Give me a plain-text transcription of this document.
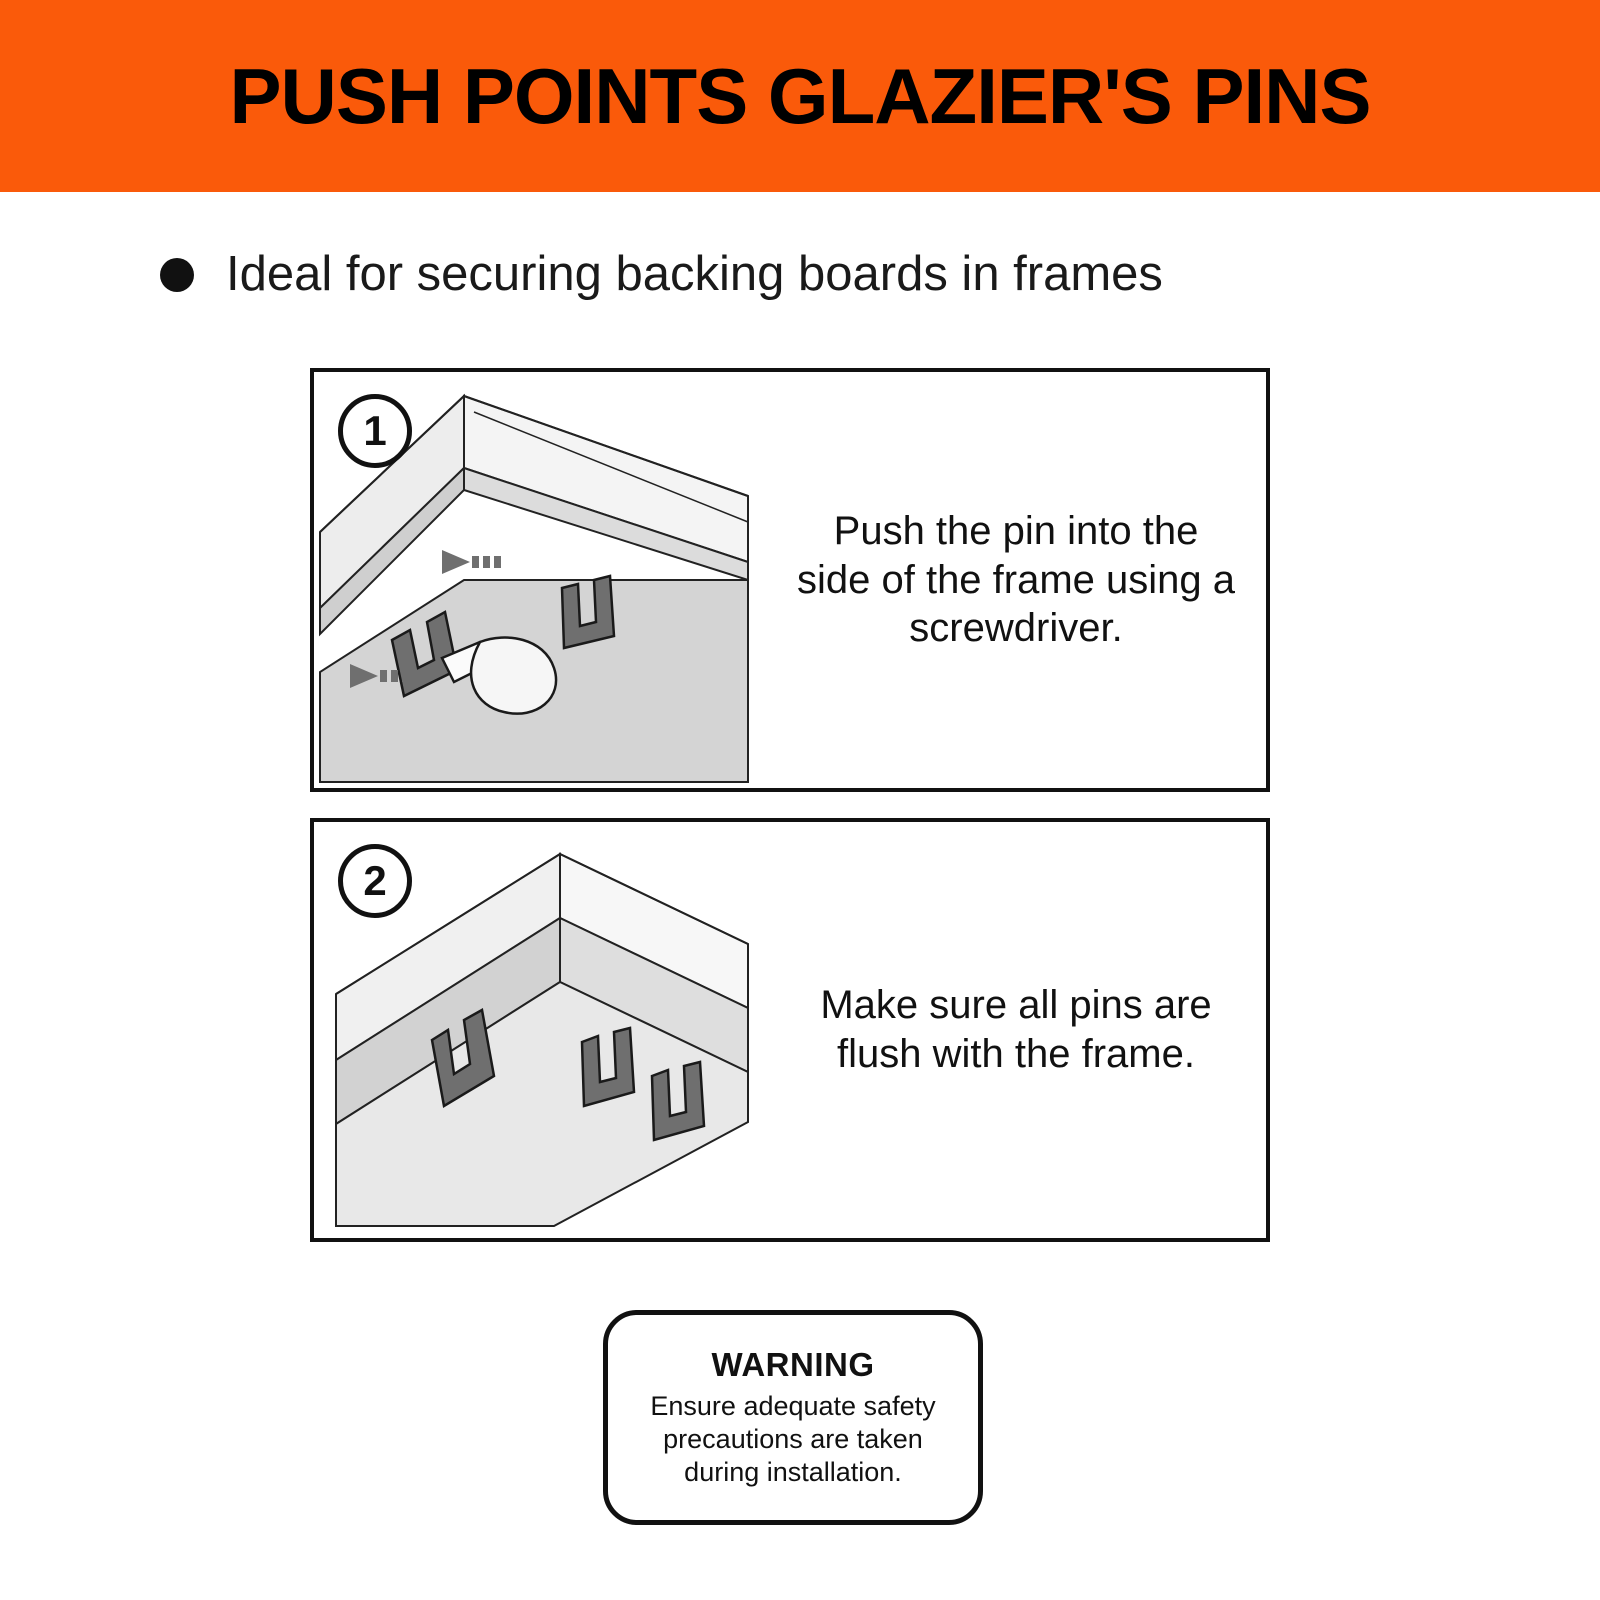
PUSH POINTS GLAZIER'S PINS
Ideal for securing backing boards in frames
1
Push the pin into the side of the frame using a screwdriver.
2
Make sure all pins are flush with the frame.
WARNING
Ensure adequate safety precautions are taken during installation.
